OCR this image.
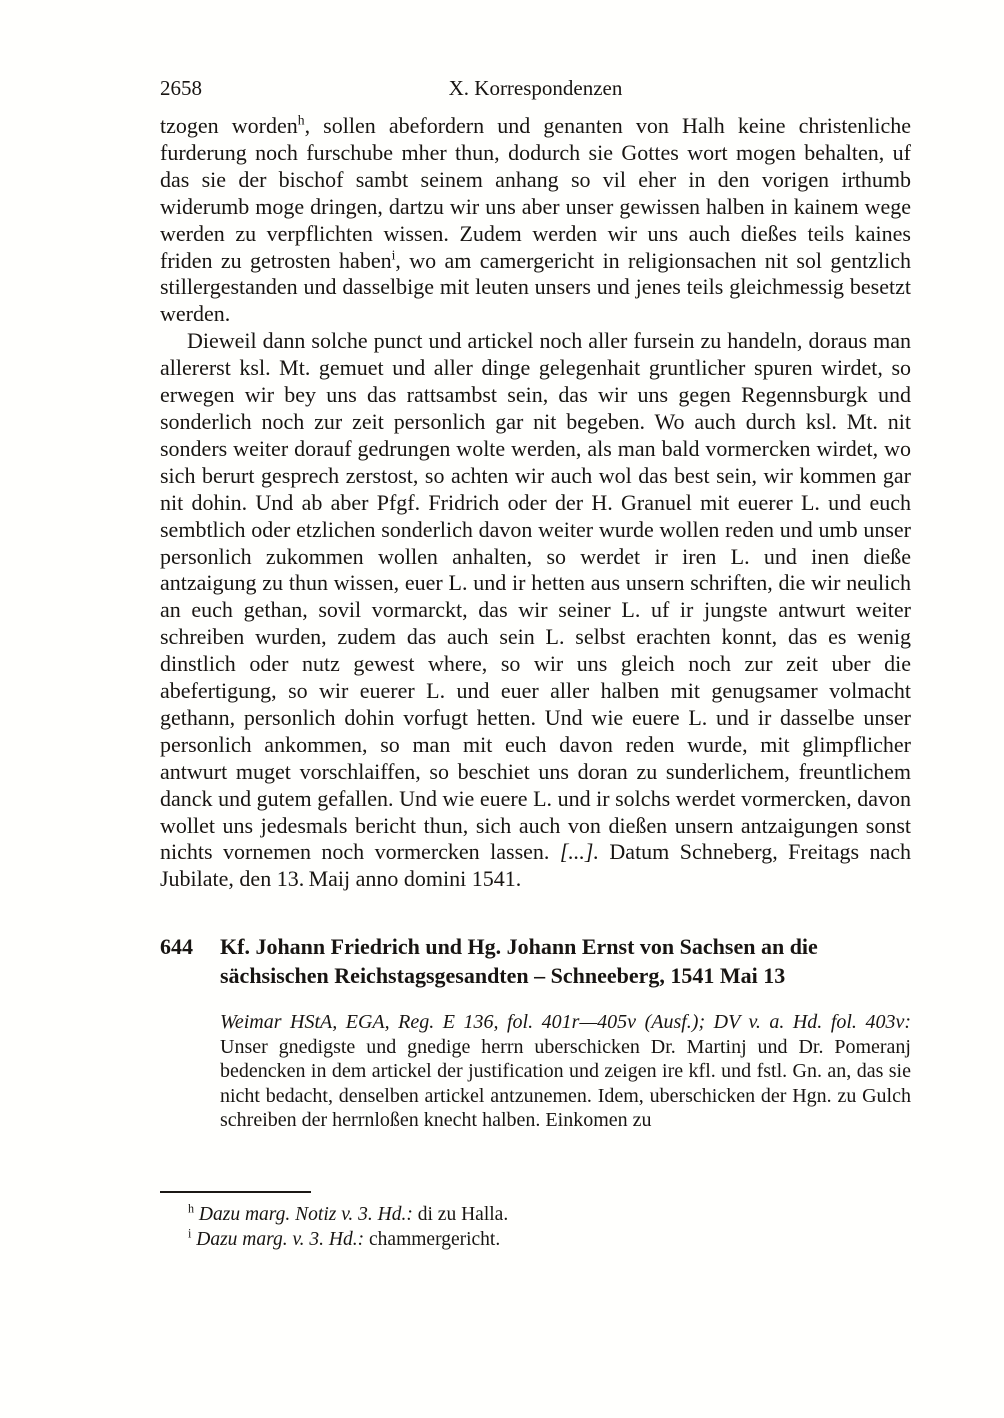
2658	X. Korrespondenzen

tzogen worden$^h$, sollen abefordern und genanten von Halh keine christenliche furderung noch furschube mher thun, dodurch sie Gottes wort mogen behalten, uf das sie der bischof sambt seinem anhang so vil eher in den vorigen irthumb widerumb moge dringen, dartzu wir uns aber unser gewissen halben in kainem wege werden zu verpflichten wissen. Zudem werden wir uns auch dießes teils kaines friden zu getrosten haben$^i$, wo am camergericht in religionsachen nit sol gentzlich stillergestanden und dasselbige mit leuten unsers und jenes teils gleichmessig besetzt werden.

Dieweil dann solche punct und artickel noch aller fursein zu handeln, doraus man allererst ksl. Mt. gemuet und aller dinge gelegenhait gruntlicher spuren wirdet, so erwegen wir bey uns das rattsambst sein, das wir uns gegen Regennsburgk und sonderlich noch zur zeit personlich gar nit begeben. Wo auch durch ksl. Mt. nit sonders weiter dorauf gedrungen wolte werden, als man bald vormercken wirdet, wo sich berurt gesprech zerstost, so achten wir auch wol das best sein, wir kommen gar nit dohin. Und ab aber Pfgf. Fridrich oder der H. Granuel mit euerer L. und euch sembtlich oder etzlichen sonderlich davon weiter wurde wollen reden und umb unser personlich zukommen wollen anhalten, so werdet ir iren L. und inen dieße antzaigung zu thun wissen, euer L. und ir hetten aus unsern schriften, die wir neulich an euch gethan, sovil vormarckt, das wir seiner L. uf ir jungste antwurt weiter schreiben wurden, zudem das auch sein L. selbst erachten konnt, das es wenig dinstlich oder nutz gewest where, so wir uns gleich noch zur zeit uber die abefertigung, so wir euerer L. und euer aller halben mit genugsamer volmacht gethann, personlich dohin vorfugt hetten. Und wie euere L. und ir dasselbe unser personlich ankommen, so man mit euch davon reden wurde, mit glimpflicher antwurt muget vorschlaiffen, so beschiet uns doran zu sunderlichem, freuntlichem danck und gutem gefallen. Und wie euere L. und ir solchs werdet vormercken, davon wollet uns jedesmals bericht thun, sich auch von dießen unsern antzaigungen sonst nichts vornemen noch vormercken lassen. [...]. Datum Schneberg, Freitags nach Jubilate, den 13. Maij anno domini 1541.

644 Kf. Johann Friedrich und Hg. Johann Ernst von Sachsen an die sächsischen Reichstagsgesandten – Schneeberg, 1541 Mai 13

Weimar HStA, EGA, Reg. E 136, fol. 401r—405v (Ausf.); DV v. a. Hd. fol. 403v: Unser gnedigste und gnedige herrn uberschicken Dr. Martinj und Dr. Pomeranj bedencken in dem artickel der justification und zeigen ire kfl. und fstl. Gn. an, das sie nicht bedacht, denselben artickel antzunemen. Idem, uberschicken der Hgn. zu Gulch schreiben der herrnloßen knecht halben. Einkomen zu

$^h$ Dazu marg. Notiz v. 3. Hd.: di zu Halla.

$^i$ Dazu marg. v. 3. Hd.: chammergericht.
